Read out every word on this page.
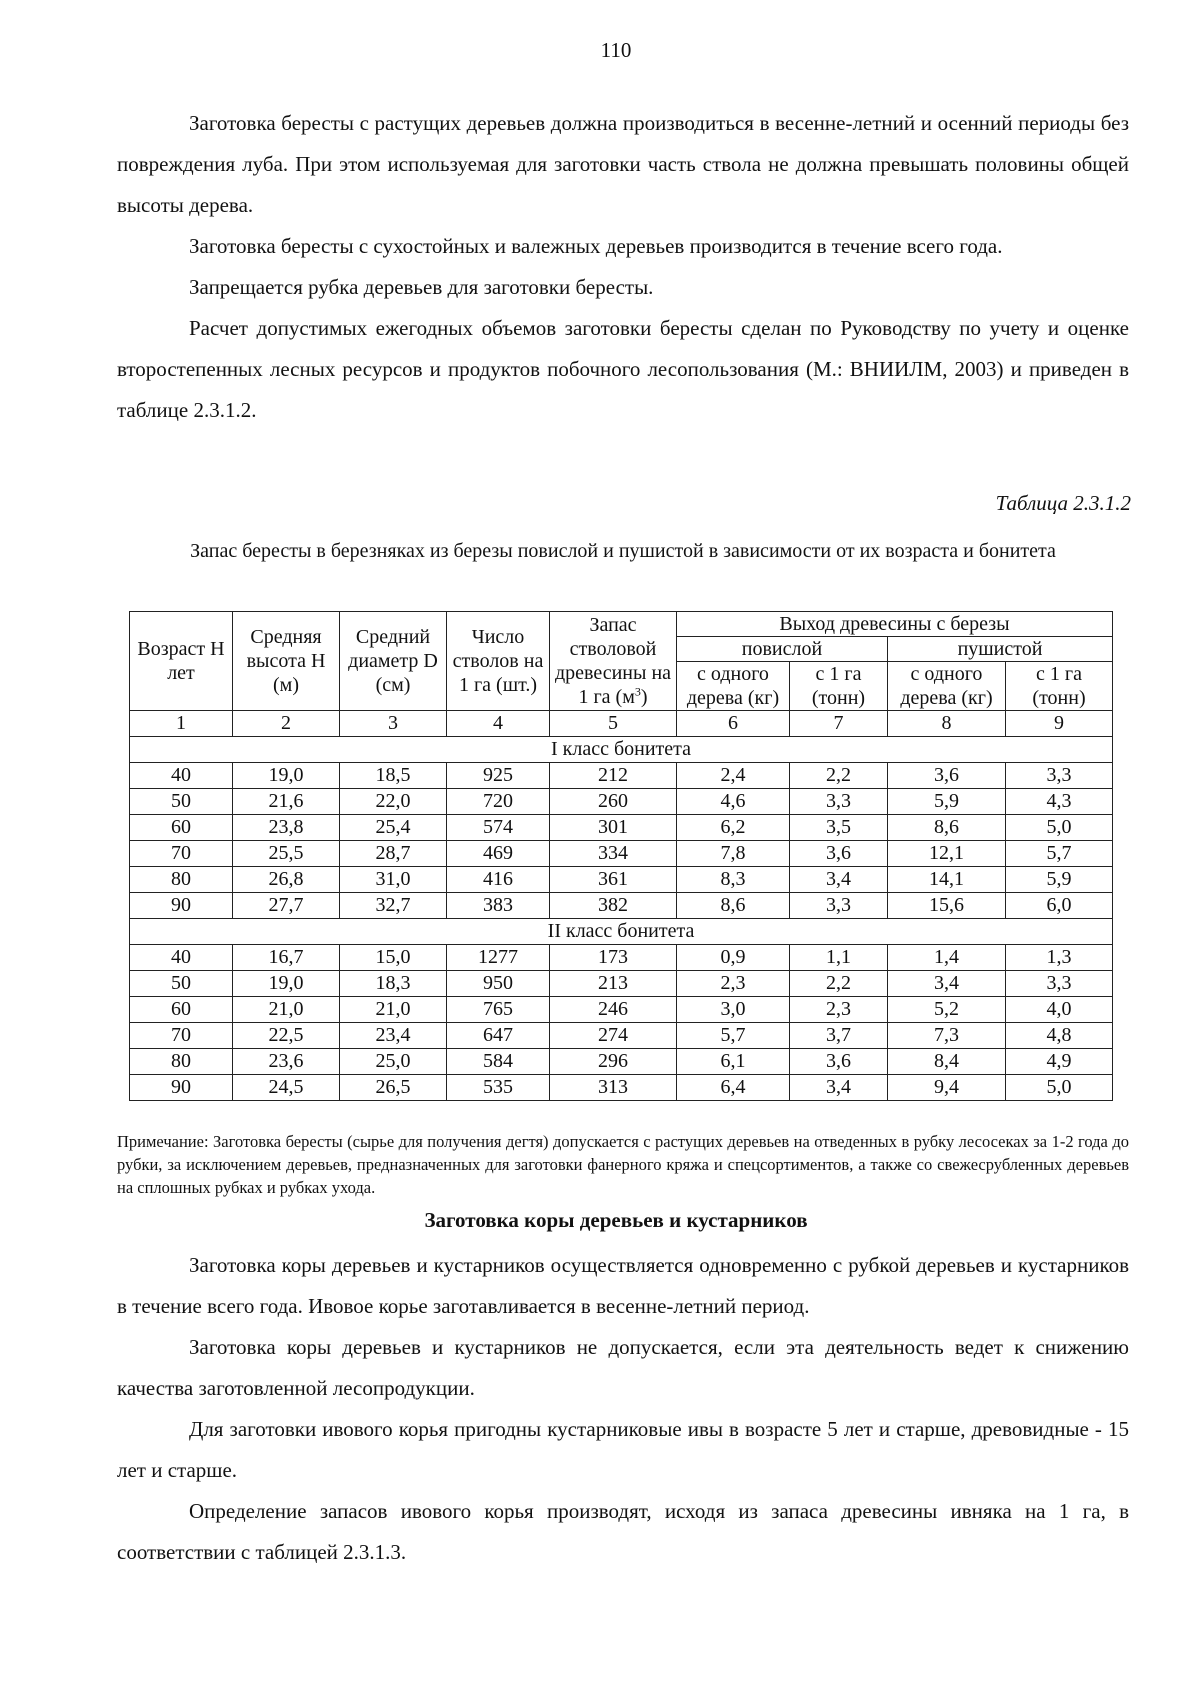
110

Заготовка бересты с растущих деревьев должна производиться в весенне-летний и осенний периоды без повреждения луба. При этом используемая для заготовки часть ствола не должна превышать половины общей высоты дерева.

Заготовка бересты с сухостойных и валежных деревьев производится в течение всего года.

Запрещается рубка деревьев для заготовки бересты.

Расчет допустимых ежегодных объемов заготовки бересты сделан по Руководству по учету и оценке второстепенных лесных ресурсов и продуктов побочного лесопользования (М.: ВНИИЛМ, 2003) и приведен в таблице 2.3.1.2.

Таблица 2.3.1.2
Запас бересты в березняках из березы повислой и пушистой в зависимости от их возраста и бонитета
Возраст Н лет	Средняя высота Н (м)	Средний диаметр D (см)	Число стволов на 1 га (шт.)	Запас стволовой древесины на 1 га $(м^3)$	Выход древесины с березы			
					повислой		пушистой	
					с одного дерева (кг)	с 1 га (тонн)	с одного дерева (кг)	с 1 га (тонн)
1	2	3	4	5	6	7	8	9
I класс бонитета								
40	19,0	18,5	925	212	2,4	2,2	3,6	3,3
50	21,6	22,0	720	260	4,6	3,3	5,9	4,3
60	23,8	25,4	574	301	6,2	3,5	8,6	5,0
70	25,5	28,7	469	334	7,8	3,6	12,1	5,7
80	26,8	31,0	416	361	8,3	3,4	14,1	5,9
90	27,7	32,7	383	382	8,6	3,3	15,6	6,0
II класс бонитета								
40	16,7	15,0	1277	173	0,9	1,1	1,4	1,3
50	19,0	18,3	950	213	2,3	2,2	3,4	3,3
60	21,0	21,0	765	246	3,0	2,3	5,2	4,0
70	22,5	23,4	647	274	5,7	3,7	7,3	4,8
80	23,6	25,0	584	296	6,1	3,6	8,4	4,9
90	24,5	26,5	535	313	6,4	3,4	9,4	5,0
Примечание: Заготовка бересты (сырье для получения дегтя) допускается с растущих деревьев на отведенных в рубку лесосеках за 1-2 года до рубки, за исключением деревьев, предназначенных для заготовки фанерного кряжа и спецсортиментов, а также со свежесрубленных деревьев на сплошных рубках и рубках ухода.
Заготовка коры деревьев и кустарников

Заготовка коры деревьев и кустарников осуществляется одновременно с рубкой деревьев и кустарников в течение всего года. Ивовое корье заготавливается в весенне-летний период.

Заготовка коры деревьев и кустарников не допускается, если эта деятельность ведет к снижению качества заготовленной лесопродукции.

Для заготовки ивового корья пригодны кустарниковые ивы в возрасте 5 лет и старше, древовидные - 15 лет и старше.

Определение запасов ивового корья производят, исходя из запаса древесины ивняка на 1 га, в соответствии с таблицей 2.3.1.3.
